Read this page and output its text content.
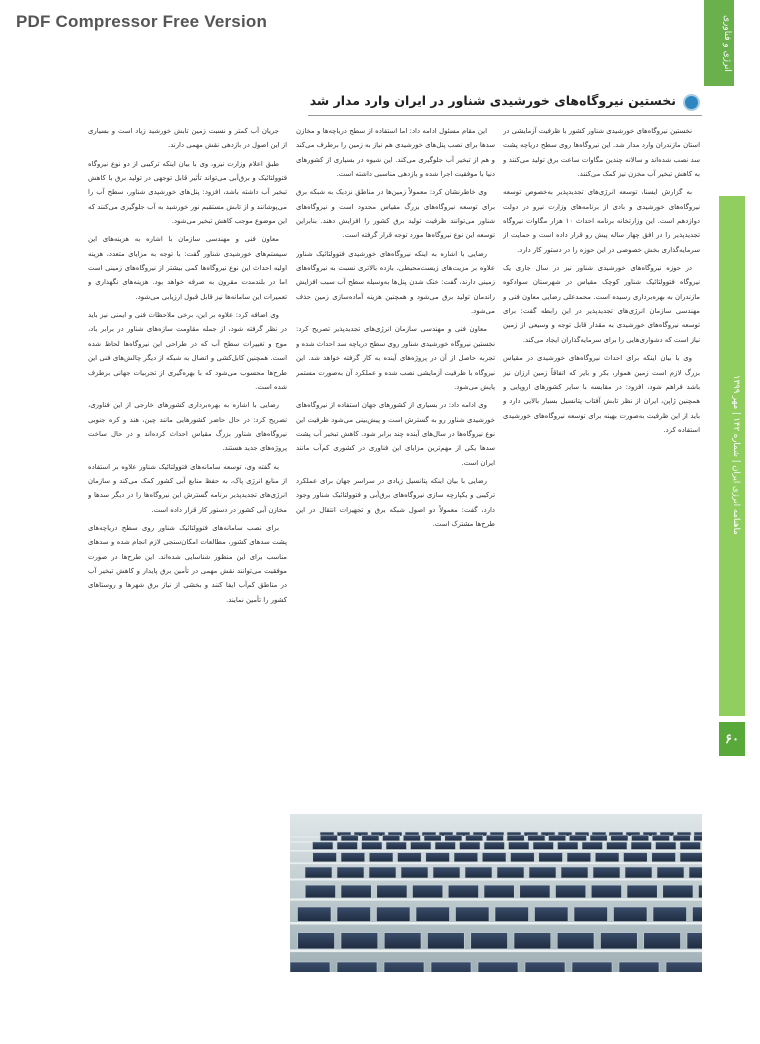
PDF Compressor Free Version	انرژی و فناوری
ماهنامه انرژی ایران | شماره ۱۴۲ | مهر ۱۳۹۹
۶۰
نخستین نیروگاه‌های خورشیدی شناور در ایران وارد مدار شد

نخستین نیروگاه‌های خورشیدی شناور کشور با ظرفیت آزمایشی در استان مازندران وارد مدار شد. این نیروگاه‌ها روی سطح دریاچه پشت سد نصب شده‌اند و سالانه چندین مگاوات ساعت برق تولید می‌کنند و به کاهش تبخیر آب مخزن نیز کمک می‌کنند.

به گزارش ایسنا، توسعه انرژی‌های تجدیدپذیر به‌خصوص توسعه نیروگاه‌های خورشیدی و بادی از برنامه‌های وزارت نیرو در دولت دوازدهم است. این وزارتخانه برنامه احداث ۱۰ هزار مگاوات نیروگاه تجدیدپذیر را در افق چهار ساله پیش رو قرار داده است و حمایت از سرمایه‌گذاری بخش خصوصی در این حوزه را در دستور کار دارد.

در حوزه نیروگاه‌های خورشیدی شناور نیز در سال جاری یک نیروگاه فتوولتائیک شناور کوچک مقیاس در شهرستان سوادکوه مازندران به بهره‌برداری رسیده است. محمدعلی رضایی معاون فنی و مهندسی سازمان انرژی‌های تجدیدپذیر در این رابطه گفت: برای توسعه نیروگاه‌های خورشیدی به مقدار قابل توجه و وسیعی از زمین نیاز است که دشواری‌هایی را برای سرمایه‌گذاران ایجاد می‌کند.

وی با بیان اینکه برای احداث نیروگاه‌های خورشیدی در مقیاس بزرگ لازم است زمین هموار، بکر و بایر که اتفاقاً زمین ارزان نیز باشد فراهم شود، افزود: در مقایسه با سایر کشورهای اروپایی و همچنین ژاپن، ایران از نظر تابش آفتاب پتانسیل بسیار بالایی دارد و باید از این ظرفیت به‌صورت بهینه برای توسعه نیروگاه‌های خورشیدی استفاده کرد.

این مقام مسئول ادامه داد: اما استفاده از سطح دریاچه‌ها و مخازن سدها برای نصب پنل‌های خورشیدی هم نیاز به زمین را برطرف می‌کند و هم از تبخیر آب جلوگیری می‌کند. این شیوه در بسیاری از کشورهای دنیا با موفقیت اجرا شده و بازدهی مناسبی داشته است.

وی خاطرنشان کرد: معمولاً زمین‌ها در مناطق نزدیک به شبکه برق برای توسعه نیروگاه‌های بزرگ مقیاس محدود است و نیروگاه‌های شناور می‌توانند ظرفیت تولید برق کشور را افزایش دهند. بنابراین توسعه این نوع نیروگاه‌ها مورد توجه قرار گرفته است.

رضایی با اشاره به اینکه نیروگاه‌های خورشیدی فتوولتائیک شناور علاوه بر مزیت‌های زیست‌محیطی، بازده بالاتری نسبت به نیروگاه‌های زمینی دارند، گفت: خنک شدن پنل‌ها به‌وسیله سطح آب سبب افزایش راندمان تولید برق می‌شود و همچنین هزینه آماده‌سازی زمین حذف می‌شود.

معاون فنی و مهندسی سازمان انرژی‌های تجدیدپذیر تصریح کرد: نخستین نیروگاه خورشیدی شناور روی سطح دریاچه سد احداث شده و تجربه حاصل از آن در پروژه‌های آینده به کار گرفته خواهد شد. این نیروگاه با ظرفیت آزمایشی نصب شده و عملکرد آن به‌صورت مستمر پایش می‌شود.

وی ادامه داد: در بسیاری از کشورهای جهان استفاده از نیروگاه‌های خورشیدی شناور رو به گسترش است و پیش‌بینی می‌شود ظرفیت این نوع نیروگاه‌ها در سال‌های آینده چند برابر شود. کاهش تبخیر آب پشت سدها یکی از مهم‌ترین مزایای این فناوری در کشوری کم‌آب مانند ایران است.

رضایی با بیان اینکه پتانسیل زیادی در سراسر جهان برای عملکرد ترکیبی و یکپارچه سازی نیروگاه‌های برق‌آبی و فتوولتائیک شناور وجود دارد، گفت: معمولاً دو اصول شبکه برق و تجهیزات انتقال در این طرح‌ها مشترک است.

جریان آب کمتر و نسبت زمین تابش خورشید زیاد است و بسیاری از این اصول در بازدهی نقش مهمی دارند.

طبق اعلام وزارت نیرو، وی با بیان اینکه ترکیبی از دو نوع نیروگاه فتوولتائیک و برق‌آبی می‌تواند تأثیر قابل توجهی در تولید برق با کاهش تبخیر آب داشته باشد، افزود: پنل‌های خورشیدی شناور، سطح آب را می‌پوشانند و از تابش مستقیم نور خورشید به آب جلوگیری می‌کنند که این موضوع موجب کاهش تبخیر می‌شود.

معاون فنی و مهندسی سازمان با اشاره به هزینه‌های این سیستم‌های خورشیدی شناور گفت: با توجه به مزایای متعدد، هزینه اولیه احداث این نوع نیروگاه‌ها کمی بیشتر از نیروگاه‌های زمینی است اما در بلندمدت مقرون به صرفه خواهد بود. هزینه‌های نگهداری و تعمیرات این سامانه‌ها نیز قابل قبول ارزیابی می‌شود.

وی اضافه کرد: علاوه بر این، برخی ملاحظات فنی و ایمنی نیز باید در نظر گرفته شود، از جمله مقاومت سازه‌های شناور در برابر باد، موج و تغییرات سطح آب که در طراحی این نیروگاه‌ها لحاظ شده است. همچنین کابل‌کشی و اتصال به شبکه از دیگر چالش‌های فنی این طرح‌ها محسوب می‌شود که با بهره‌گیری از تجربیات جهانی برطرف شده است.

رضایی با اشاره به بهره‌برداری کشورهای خارجی از این فناوری، تصریح کرد: در حال حاضر کشورهایی مانند چین، هند و کره جنوبی نیروگاه‌های شناور بزرگ مقیاس احداث کرده‌اند و در حال ساخت پروژه‌های جدید هستند.

به گفته وی، توسعه سامانه‌های فتوولتائیک شناور علاوه بر استفاده از منابع انرژی پاک، به حفظ منابع آبی کشور کمک می‌کند و سازمان انرژی‌های تجدیدپذیر برنامه گسترش این نیروگاه‌ها را در دیگر سدها و مخازن آبی کشور در دستور کار قرار داده است.

برای نصب سامانه‌های فتوولتائیک شناور روی سطح دریاچه‌های پشت سدهای کشور، مطالعات امکان‌سنجی لازم انجام شده و سدهای مناسب برای این منظور شناسایی شده‌اند. این طرح‌ها در صورت موفقیت می‌توانند نقش مهمی در تأمین برق پایدار و کاهش تبخیر آب در مناطق کم‌آب ایفا کنند و بخشی از نیاز برق شهرها و روستاهای کشور را تأمین نمایند.
